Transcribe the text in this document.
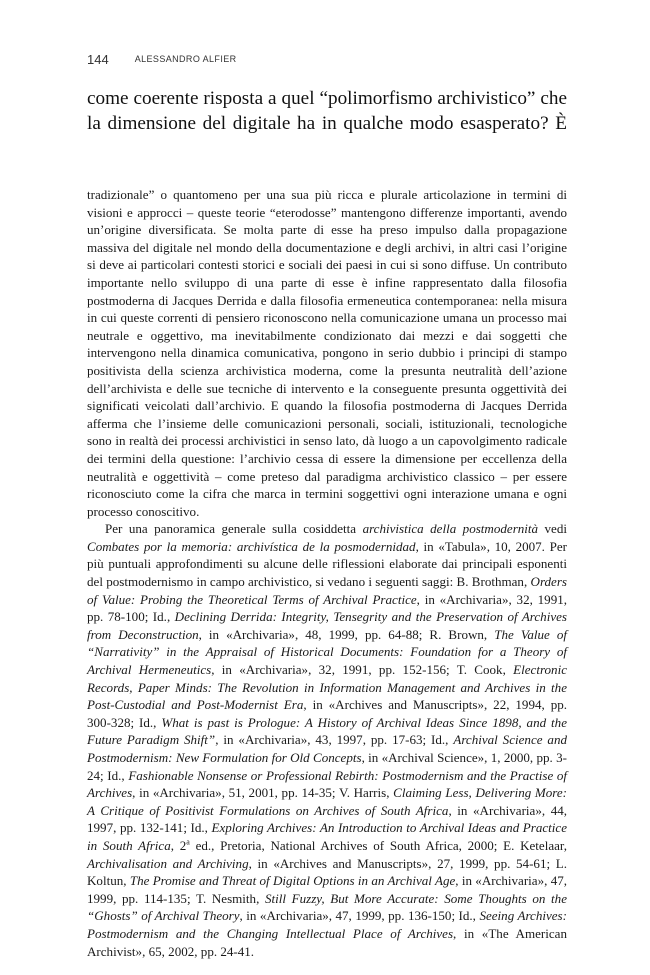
144	ALESSANDRO ALFIER
come coerente risposta a quel “polimorfismo archivistico” che la dimensione del digitale ha in qualche modo esasperato? È

tradizionale” o quantomeno per una sua più ricca e plurale articolazione in termini di visioni e approcci – queste teorie “eterodosse” mantengono differenze importanti, avendo un’origine diversificata. Se molta parte di esse ha preso impulso dalla propagazione massiva del digitale nel mondo della documentazione e degli archivi, in altri casi l’origine si deve ai particolari contesti storici e sociali dei paesi in cui si sono diffuse. Un contributo importante nello sviluppo di una parte di esse è infine rappresentato dalla filosofia postmoderna di Jacques Derrida e dalla filosofia ermeneutica contemporanea: nella misura in cui queste correnti di pensiero riconoscono nella comunicazione umana un processo mai neutrale e oggettivo, ma inevitabilmente condizionato dai mezzi e dai soggetti che intervengono nella dinamica comunicativa, pongono in serio dubbio i principi di stampo positivista della scienza archivistica moderna, come la presunta neutralità dell’azione dell’archivista e delle sue tecniche di intervento e la conseguente presunta oggettività dei significati veicolati dall’archivio. E quando la filosofia postmoderna di Jacques Derrida afferma che l’insieme delle comunicazioni personali, sociali, istituzionali, tecnologiche sono in realtà dei processi archivistici in senso lato, dà luogo a un capovolgimento radicale dei termini della questione: l’archivio cessa di essere la dimensione per eccellenza della neutralità e oggettività – come preteso dal paradigma archivistico classico – per essere riconosciuto come la cifra che marca in termini soggettivi ogni interazione umana e ogni processo conoscitivo.

Per una panoramica generale sulla cosiddetta archivistica della postmodernità vedi Combates por la memoria: archivística de la posmodernidad, in «Tabula», 10, 2007. Per più puntuali approfondimenti su alcune delle riflessioni elaborate dai principali esponenti del postmodernismo in campo archivistico, si vedano i seguenti saggi: B. Brothman, Orders of Value: Probing the Theoretical Terms of Archival Practice, in «Archivaria», 32, 1991, pp. 78-100; Id., Declining Derrida: Integrity, Tensegrity and the Preservation of Archives from Deconstruction, in «Archivaria», 48, 1999, pp. 64-88; R. Brown, The Value of “Narrativity” in the Appraisal of Historical Documents: Foundation for a Theory of Archival Hermeneutics, in «Archivaria», 32, 1991, pp. 152-156; T. Cook, Electronic Records, Paper Minds: The Revolution in Information Management and Archives in the Post-Custodial and Post-Modernist Era, in «Archives and Manuscripts», 22, 1994, pp. 300-328; Id., What is past is Prologue: A History of Archival Ideas Since 1898, and the Future Paradigm Shift”, in «Archivaria», 43, 1997, pp. 17-63; Id., Archival Science and Postmodernism: New Formulation for Old Concepts, in «Archival Science», 1, 2000, pp. 3-24; Id., Fashionable Nonsense or Professional Rebirth: Postmodernism and the Practise of Archives, in «Archivaria», 51, 2001, pp. 14-35; V. Harris, Claiming Less, Delivering More: A Critique of Positivist Formulations on Archives of South Africa, in «Archivaria», 44, 1997, pp. 132-141; Id., Exploring Archives: An Introduction to Archival Ideas and Practice in South Africa, 2$^a$ ed., Pretoria, National Archives of South Africa, 2000; E. Ketelaar, Archivalisation and Archiving, in «Archives and Manuscripts», 27, 1999, pp. 54-61; L. Koltun, The Promise and Threat of Digital Options in an Archival Age, in «Archivaria», 47, 1999, pp. 114-135; T. Nesmith, Still Fuzzy, But More Accurate: Some Thoughts on the “Ghosts” of Archival Theory, in «Archivaria», 47, 1999, pp. 136-150; Id., Seeing Archives: Postmodernism and the Changing Intellectual Place of Archives, in «The American Archivist», 65, 2002, pp. 24-41.
